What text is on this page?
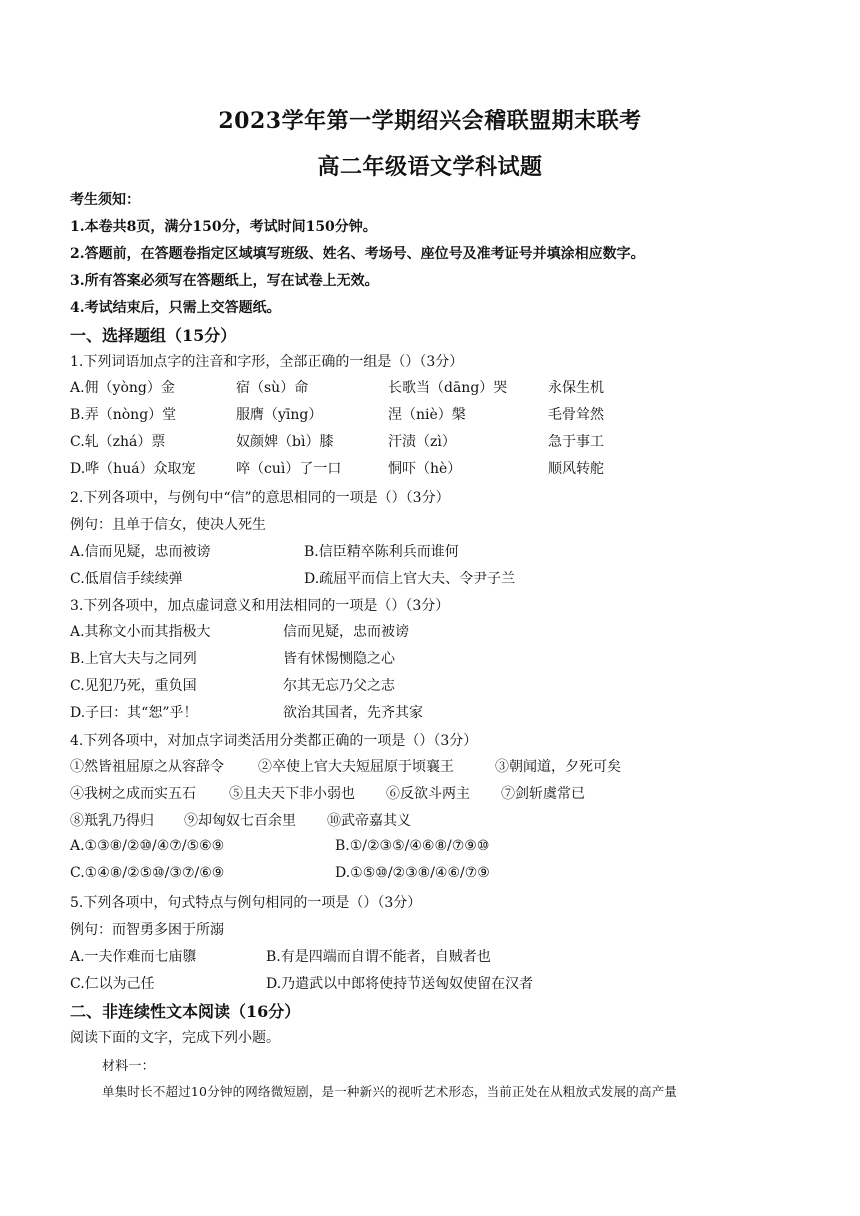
2023学年第一学期绍兴会稽联盟期末联考
高二年级语文学科试题
考生须知：
1.本卷共8页，满分150分，考试时间150分钟。
2.答题前，在答题卷指定区域填写班级、姓名、考场号、座位号及准考证号并填涂相应数字。
3.所有答案必须写在答题纸上，写在试卷上无效。
4.考试结束后，只需上交答题纸。
一、选择题组（15分）
1.下列词语加点字的注音和字形，全部正确的一组是（）（3分）
A.佣（yòng）金	宿（sù）命	长歌当（dāng）哭	永保生机
B.弄（nòng）堂	服膺（yīng）	涅（niè）槃	毛骨耸然
C.轧（zhá）票	奴颜婢（bì）膝	汗渍（zì）	急于事工
D.哗（huá）众取宠	啐（cuì）了一口	恫吓（hè）	顺风转舵
2.下列各项中，与例句中“信”的意思相同的一项是（）（3分）
例句：且单于信女，使决人死生
A.信而见疑，忠而被谤	B.信臣精卒陈利兵而谁何
C.低眉信手续续弹	D.疏屈平而信上官大夫、令尹子兰
3.下列各项中，加点虚词意义和用法相同的一项是（）（3分）
A.其称文小而其指极大	信而见疑，忠而被谤
B.上官大夫与之同列	皆有怵惕恻隐之心
C.见犯乃死，重负国	尔其无忘乃父之志
D.子曰：其“恕”乎！	欲治其国者，先齐其家
4.下列各项中，对加点字词类活用分类都正确的一项是（）（3分）
①然皆祖屈原之从容辞令 ②卒使上官大夫短屈原于顷襄王	③朝闻道，夕死可矣
④我树之成而实五石 ⑤且夫天下非小弱也 ⑥反欲斗两主 ⑦剑斩虞常已
⑧羝乳乃得归 ⑨却匈奴七百余里 ⑩武帝嘉其义
A.①③⑧/②⑩/④⑦/⑤⑥⑨	B.①/②③⑤/④⑥⑧/⑦⑨⑩
C.①④⑧/②⑤⑩/③⑦/⑥⑨	D.①⑤⑩/②③⑧/④⑥/⑦⑨
5.下列各项中，句式特点与例句相同的一项是（）（3分）
例句：而智勇多困于所溺
A.一夫作难而七庙隳	B.有是四端而自谓不能者，自贼者也
C.仁以为己任	D.乃遣武以中郎将使持节送匈奴使留在汉者
二、非连续性文本阅读（16分）
阅读下面的文字，完成下列小题。
材料一：
单集时长不超过10分钟的网络微短剧，是一种新兴的视听艺术形态，当前正处在从粗放式发展的高产量
